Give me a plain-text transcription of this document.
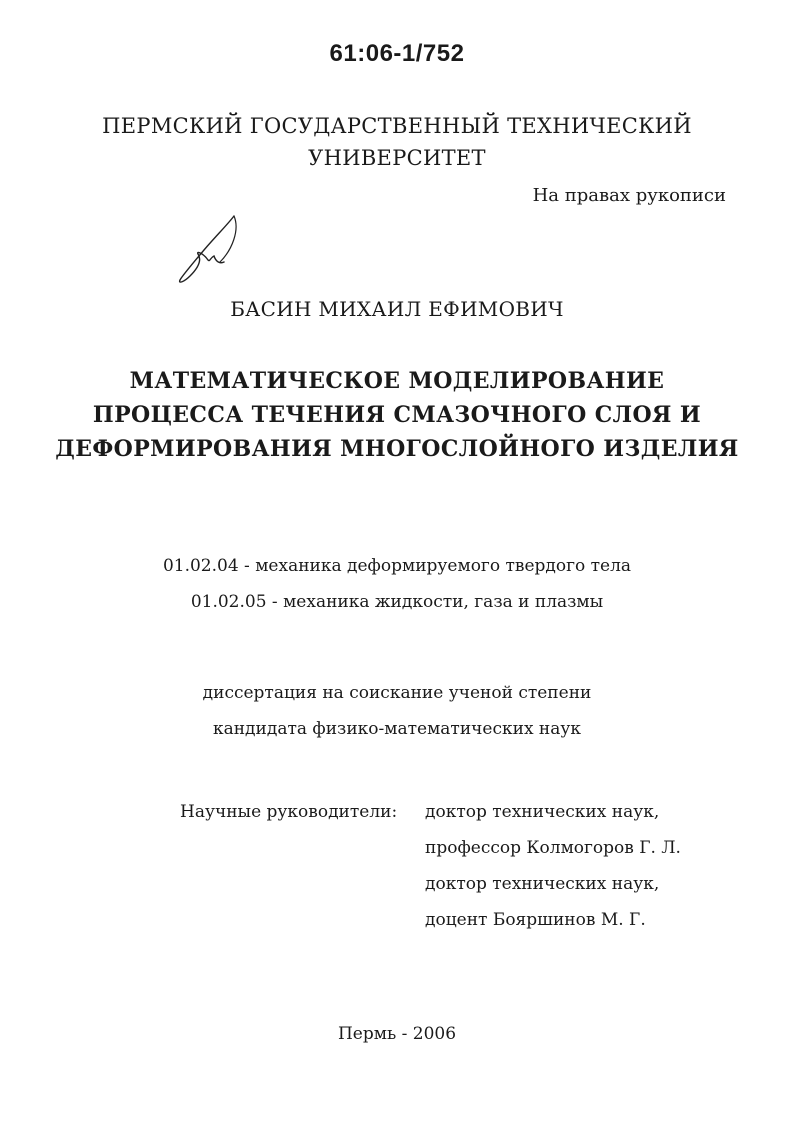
61:06-1/752
ПЕРМСКИЙ ГОСУДАРСТВЕННЫЙ ТЕХНИЧЕСКИЙ
УНИВЕРСИТЕТ
На правах рукописи
БАСИН МИХАИЛ ЕФИМОВИЧ
МАТЕМАТИЧЕСКОЕ МОДЕЛИРОВАНИЕ
ПРОЦЕССА ТЕЧЕНИЯ СМАЗОЧНОГО СЛОЯ И
ДЕФОРМИРОВАНИЯ МНОГОСЛОЙНОГО ИЗДЕЛИЯ
01.02.04 - механика деформируемого твердого тела
01.02.05 - механика жидкости, газа и плазмы
диссертация на соискание ученой степени
кандидата физико-математических наук
Научные руководители: доктор технических наук,
профессор Колмогоров Г. Л.
доктор технических наук,
доцент Бояршинов М. Г.
Пермь - 2006
